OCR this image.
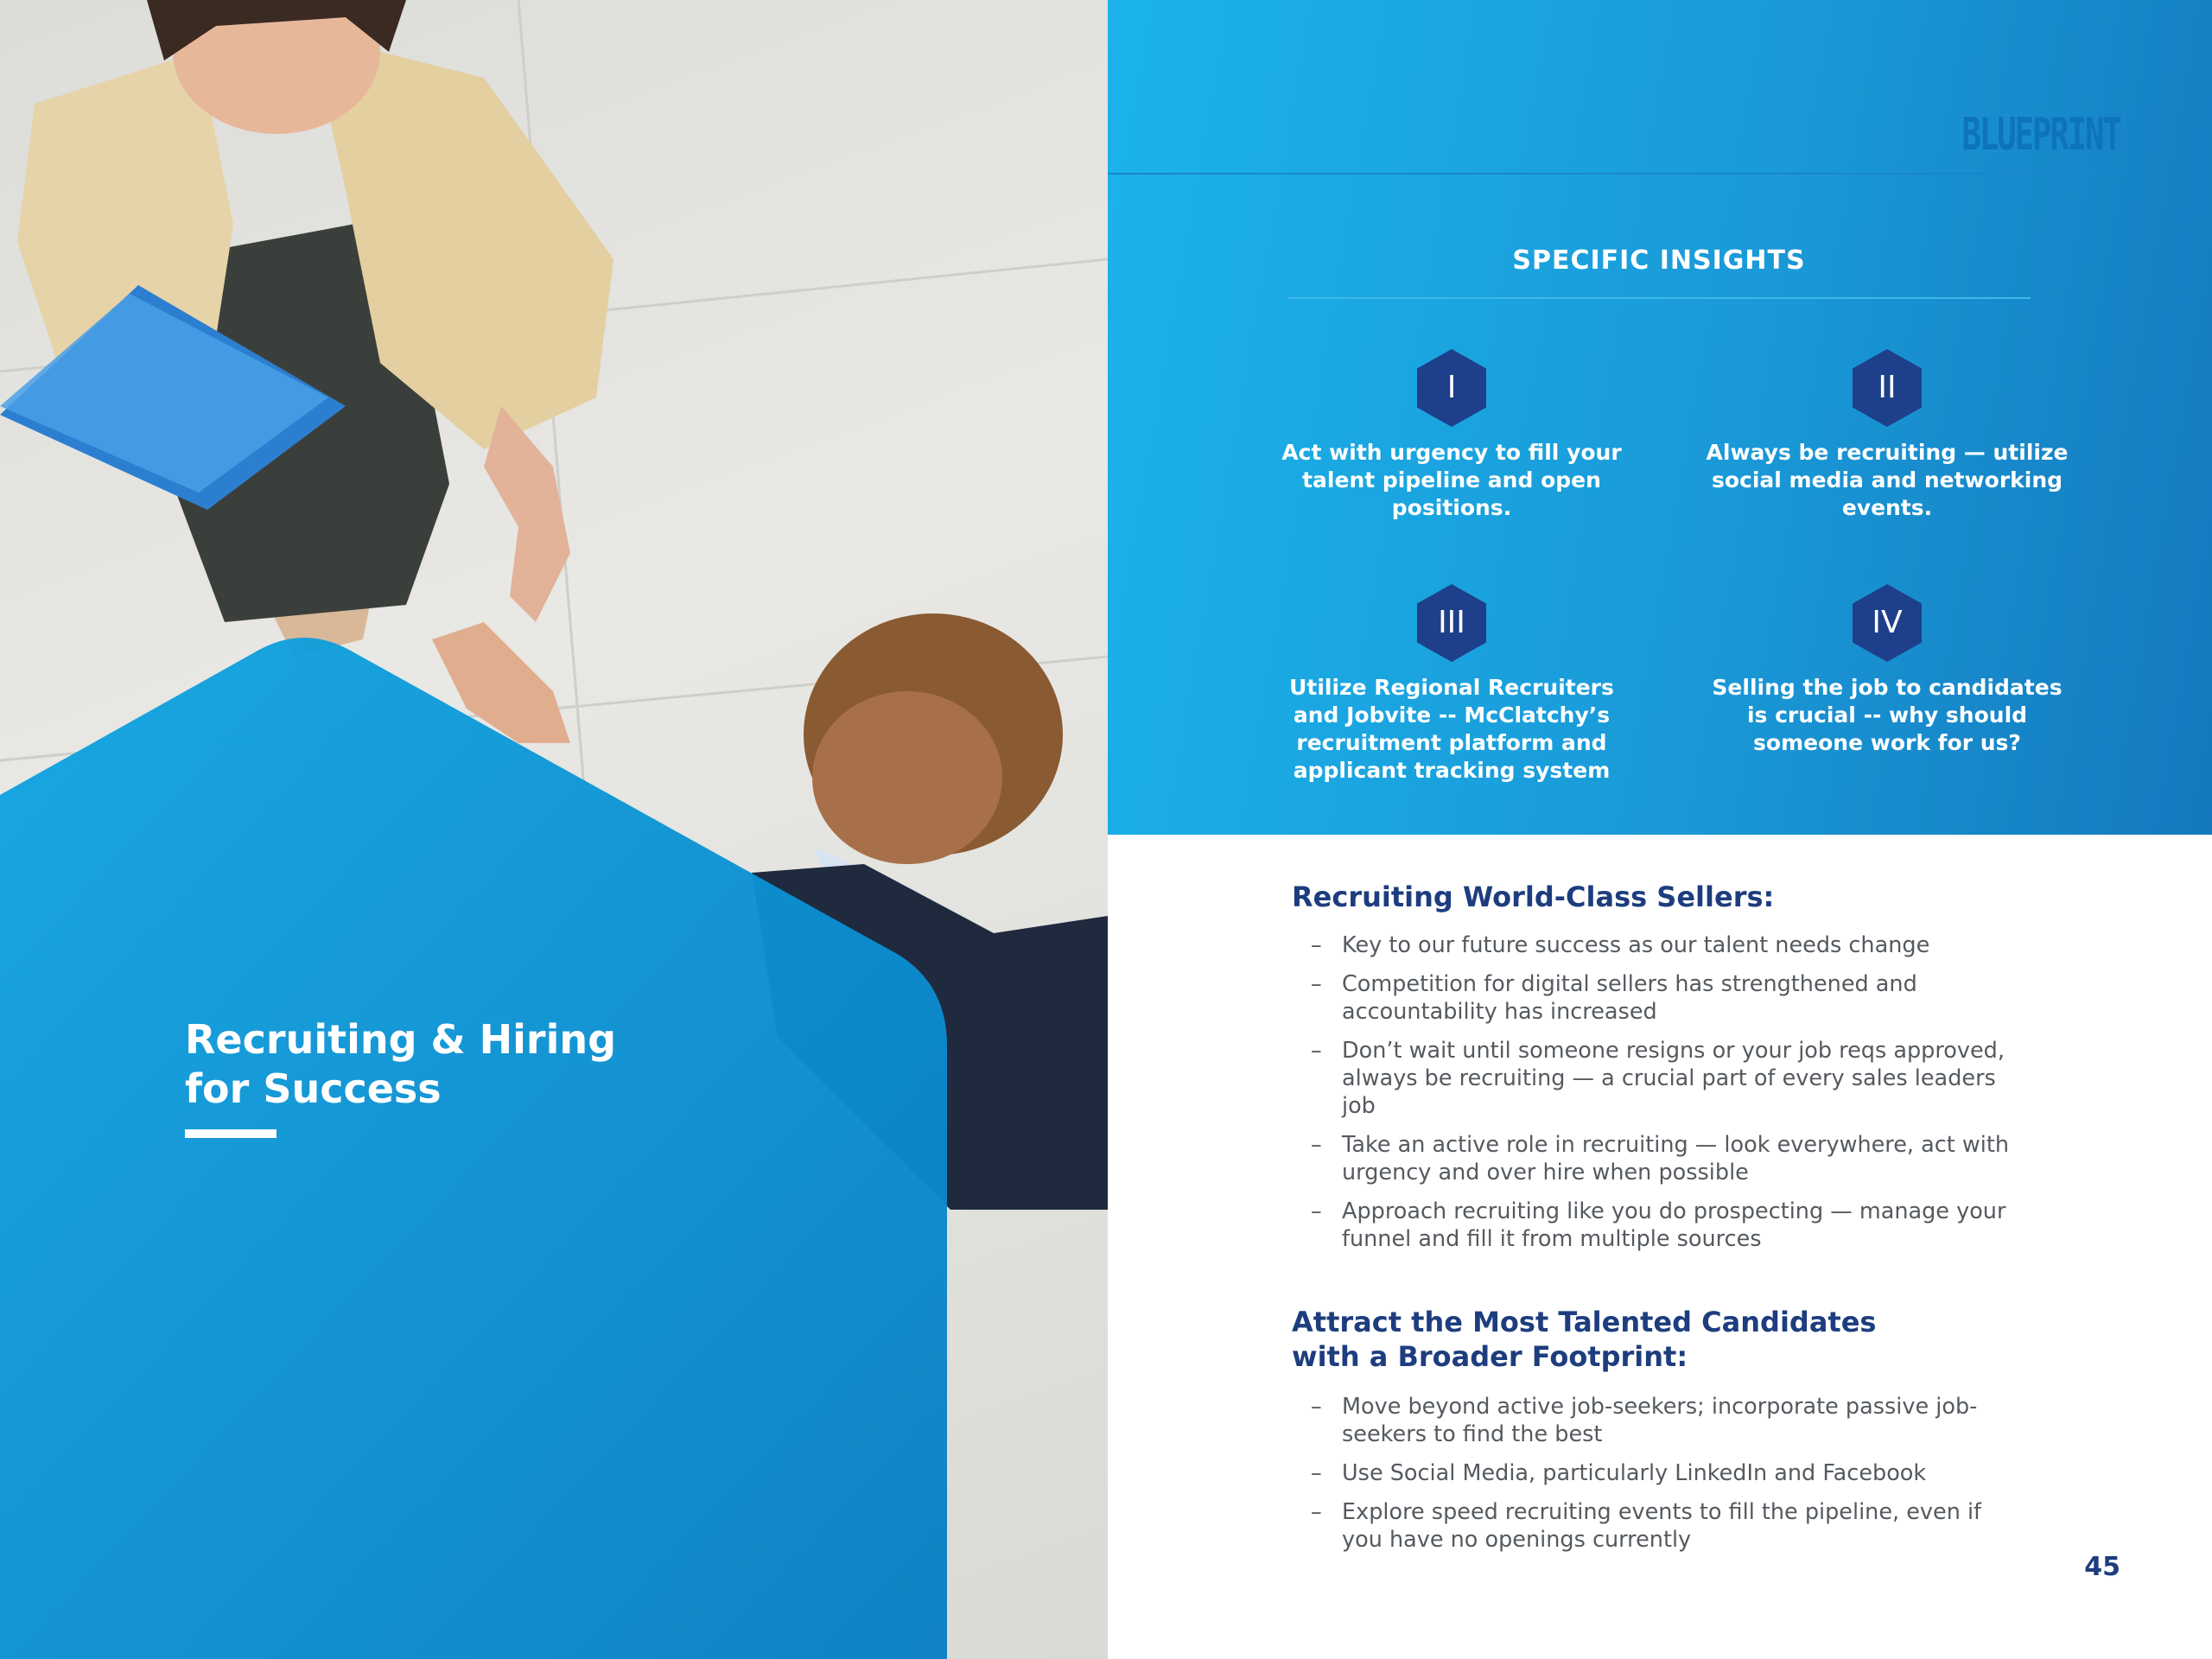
Recruiting & Hiring
for Success
BLUEPRINT
SPECIFIC INSIGHTS
I

Act with urgency to fill your talent pipeline and open positions.

II

Always be recruiting — utilize social media and networking events.

III

Utilize Regional Recruiters and Jobvite -- McClatchy’s recruitment platform and applicant tracking system

IV

Selling the job to candidates is crucial -- why should someone work for us?

Recruiting World-Class Sellers:
– Key to our future success as our talent needs change
– Competition for digital sellers has strengthened and accountability has increased
– Don’t wait until someone resigns or your job reqs approved, always be recruiting — a crucial part of every sales leaders job
– Take an active role in recruiting — look everywhere, act with urgency and over hire when possible
– Approach recruiting like you do prospecting — manage your funnel and fill it from multiple sources
Attract the Most Talented Candidates
with a Broader Footprint:
– Move beyond active job-seekers; incorporate passive job-seekers to find the best
– Use Social Media, particularly LinkedIn and Facebook
– Explore speed recruiting events to fill the pipeline, even if you have no openings currently
45
